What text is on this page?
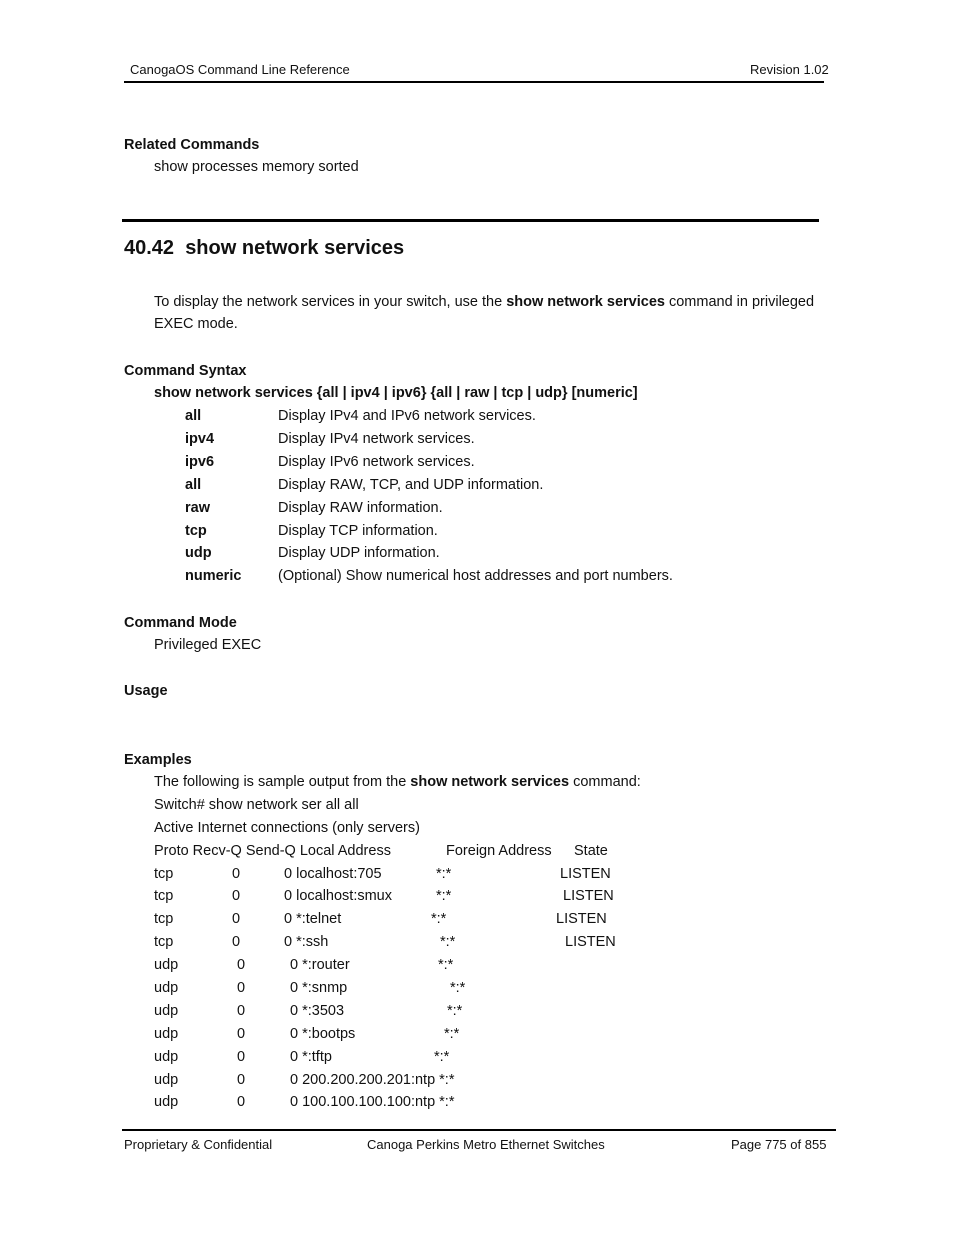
CanogaOS Command Line Reference	Revision 1.02
Related Commands
show processes memory sorted
40.42 show network services
To display the network services in your switch, use the show network services command in privileged
EXEC mode.
Command Syntax
show network services {all | ipv4 | ipv6} {all | raw | tcp | udp} [numeric]
all	Display IPv4 and IPv6 network services.
ipv4	Display IPv4 network services.
ipv6	Display IPv6 network services.
all	Display RAW, TCP, and UDP information.
raw	Display RAW information.
tcp	Display TCP information.
udp	Display UDP information.
numeric	(Optional) Show numerical host addresses and port numbers.
Command Mode
Privileged EXEC
Usage
Examples
The following is sample output from the show network services command:
Switch# show network ser all all
Active Internet connections (only servers)
Proto Recv-Q Send-Q Local Address	Foreign Address State
tcp	0	0 localhost:705	*:*	LISTEN
tcp	0	0 localhost:smux	*:*	LISTEN
tcp	0	0 *:telnet	*:*	LISTEN
tcp	0	0 *:ssh	*:*	LISTEN
udp	0	0 *:router	*:*
udp	0	0 *:snmp	*:*
udp	0	0 *:3503	*:*
udp	0	0 *:bootps	*:*
udp	0	0 *:tftp	*:*
udp	0	0 200.200.200.201:ntp *:*
udp	0	0 100.100.100.100:ntp *:*
Proprietary & Confidential	Canoga Perkins Metro Ethernet Switches	Page 775 of 855
